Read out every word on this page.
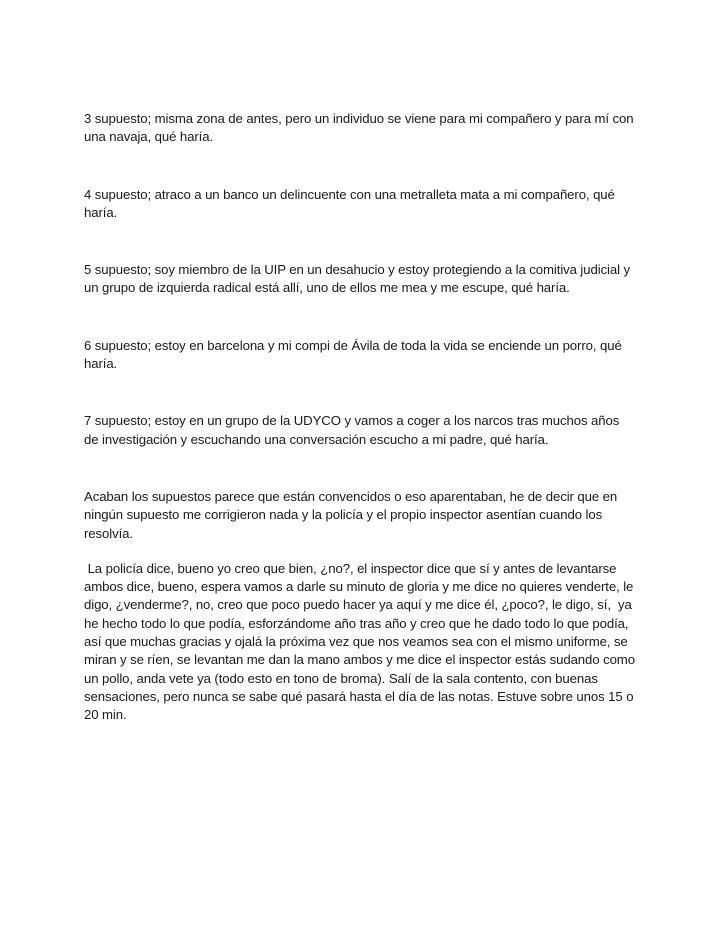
3 supuesto; misma zona de antes, pero un individuo se viene para mi compañero y para mí con una navaja, qué haría.

4 supuesto; atraco a un banco un delincuente con una metralleta mata a mi compañero, qué haría.

5 supuesto; soy miembro de la UIP en un desahucio y estoy protegiendo a la comitiva judicial y un grupo de izquierda radical está allí, uno de ellos me mea y me escupe, qué haría.

6 supuesto; estoy en barcelona y mi compi de Ávila de toda la vida se enciende un porro, qué haría.

7 supuesto; estoy en un grupo de la UDYCO y vamos a coger a los narcos tras muchos años de investigación y escuchando una conversación escucho a mi padre, qué haría.

Acaban los supuestos parece que están convencidos o eso aparentaban, he de decir que en ningún supuesto me corrigieron nada y la policía y el propio inspector asentían cuando los resolvía.

La policía dice, bueno yo creo que bien, ¿no?, el inspector dice que sí y antes de levantarse ambos dice, bueno, espera vamos a darle su minuto de gloria y me dice no quieres venderte, le digo, ¿venderme?, no, creo que poco puedo hacer ya aquí y me dice él, ¿poco?, le digo, sí,  ya he hecho todo lo que podía, esforzándome año tras año y creo que he dado todo lo que podía, así que muchas gracias y ojalá la próxima vez que nos veamos sea con el mismo uniforme, se miran y se ríen, se levantan me dan la mano ambos y me dice el inspector estás sudando como un pollo, anda vete ya (todo esto en tono de broma). Salí de la sala contento, con buenas sensaciones, pero nunca se sabe qué pasará hasta el día de las notas. Estuve sobre unos 15 o 20 min.
